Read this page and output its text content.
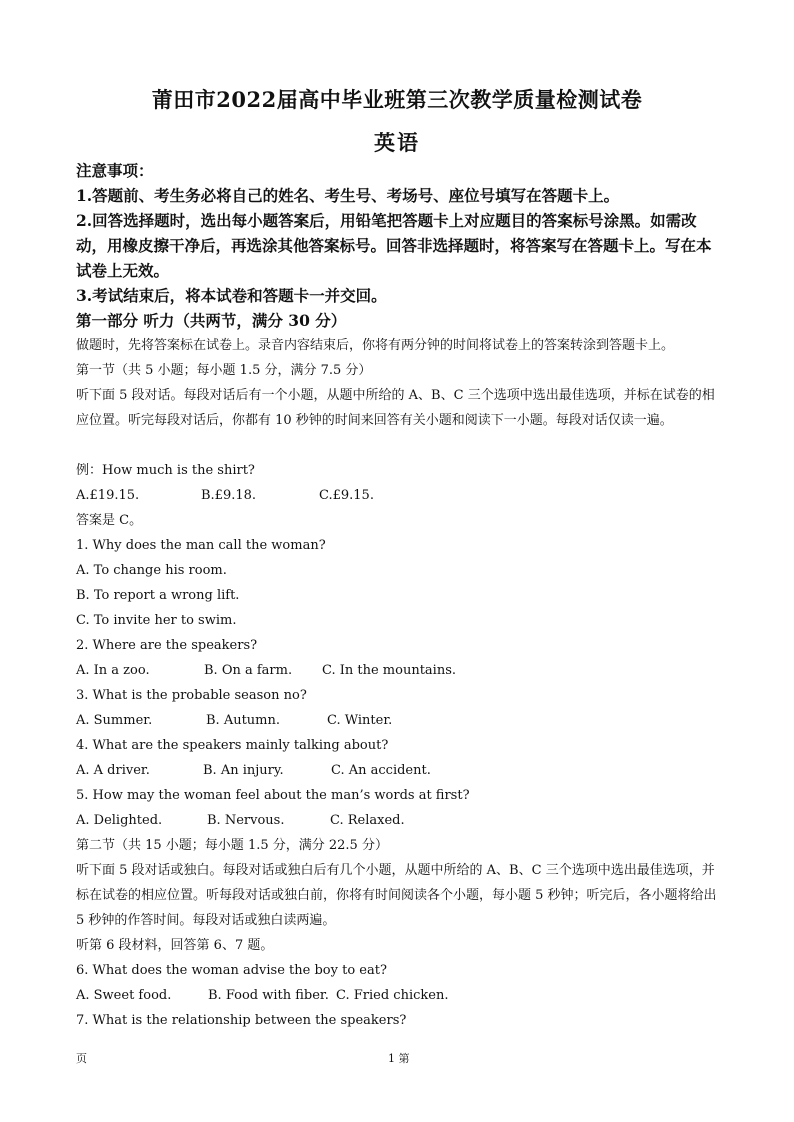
莆田市2022届高中毕业班第三次教学质量检测试卷
英语
注意事项：
1.答题前、考生务必将自己的姓名、考生号、考场号、座位号填写在答题卡上。
2.回答选择题时，选出每小题答案后，用铅笔把答题卡上对应题目的答案标号涂黑。如需改动，用橡皮擦干净后，再选涂其他答案标号。回答非选择题时，将答案写在答题卡上。写在本试卷上无效。
3.考试结束后，将本试卷和答题卡一并交回。
第一部分 听力（共两节，满分 30 分）
做题时，先将答案标在试卷上。录音内容结束后，你将有两分钟的时间将试卷上的答案转涂到答题卡上。
第一节（共 5 小题；每小题 1.5 分，满分 7.5 分）
听下面 5 段对话。每段对话后有一个小题，从题中所给的 A、B、C 三个选项中选出最佳选项，并标在试卷的相应位置。听完每段对话后，你都有 10 秒钟的时间来回答有关小题和阅读下一小题。每段对话仅读一遍。
例：How much is the shirt?
A.£19.15.	B.£9.18.	C.£9.15.
答案是 C。
1. Why does the man call the woman?
A. To change his room.
B. To report a wrong lift.
C. To invite her to swim.
2. Where are the speakers?
A. In a zoo.	B. On a farm.	C. In the mountains.
3. What is the probable season no?
A. Summer.	B. Autumn.	C. Winter.
4. What are the speakers mainly talking about?
A. A driver.	B. An injury.	C. An accident.
5. How may the woman feel about the man’s words at first?
A. Delighted.	B. Nervous.	C. Relaxed.
第二节（共 15 小题；每小题 1.5 分，满分 22.5 分）
听下面 5 段对话或独白。每段对话或独白后有几个小题，从题中所给的 A、B、C 三个选项中选出最佳选项，并标在试卷的相应位置。听每段对话或独白前，你将有时间阅读各个小题，每小题 5 秒钟；听完后，各小题将给出 5 秒钟的作答时间。每段对话或独白读两遍。
听第 6 段材料，回答第 6、7 题。
6. What does the woman advise the boy to eat?
A. Sweet food.	B. Food with fiber. C. Fried chicken.
7. What is the relationship between the speakers?
页	1 第
